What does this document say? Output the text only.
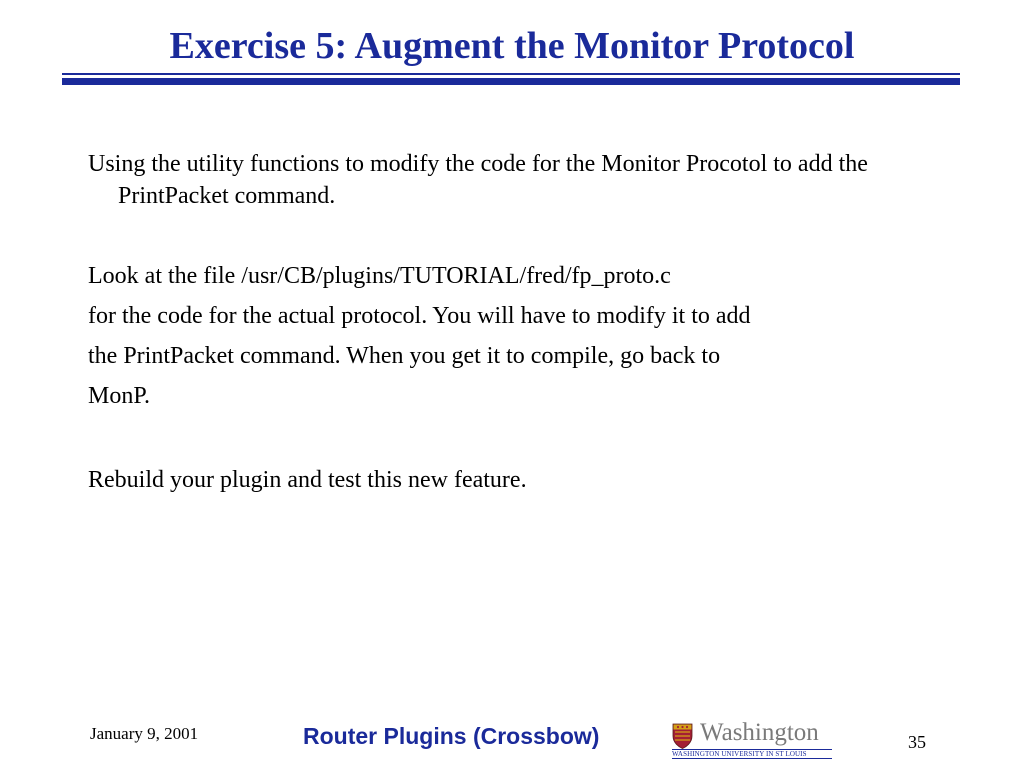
Exercise 5: Augment the Monitor Protocol

Using the utility functions to modify the code for the Monitor Procotol to add the PrintPacket command.

Look at the file /usr/CB/plugins/TUTORIAL/fred/fp_proto.c

for the code for the actual protocol. You will have to modify it to add

the PrintPacket command. When you get it to compile, go back to

MonP.

Rebuild your plugin and test this new feature.

January 9, 2001	Router Plugins (Crossbow)	Washington
WASHINGTON UNIVERSITY IN ST LOUIS
35
